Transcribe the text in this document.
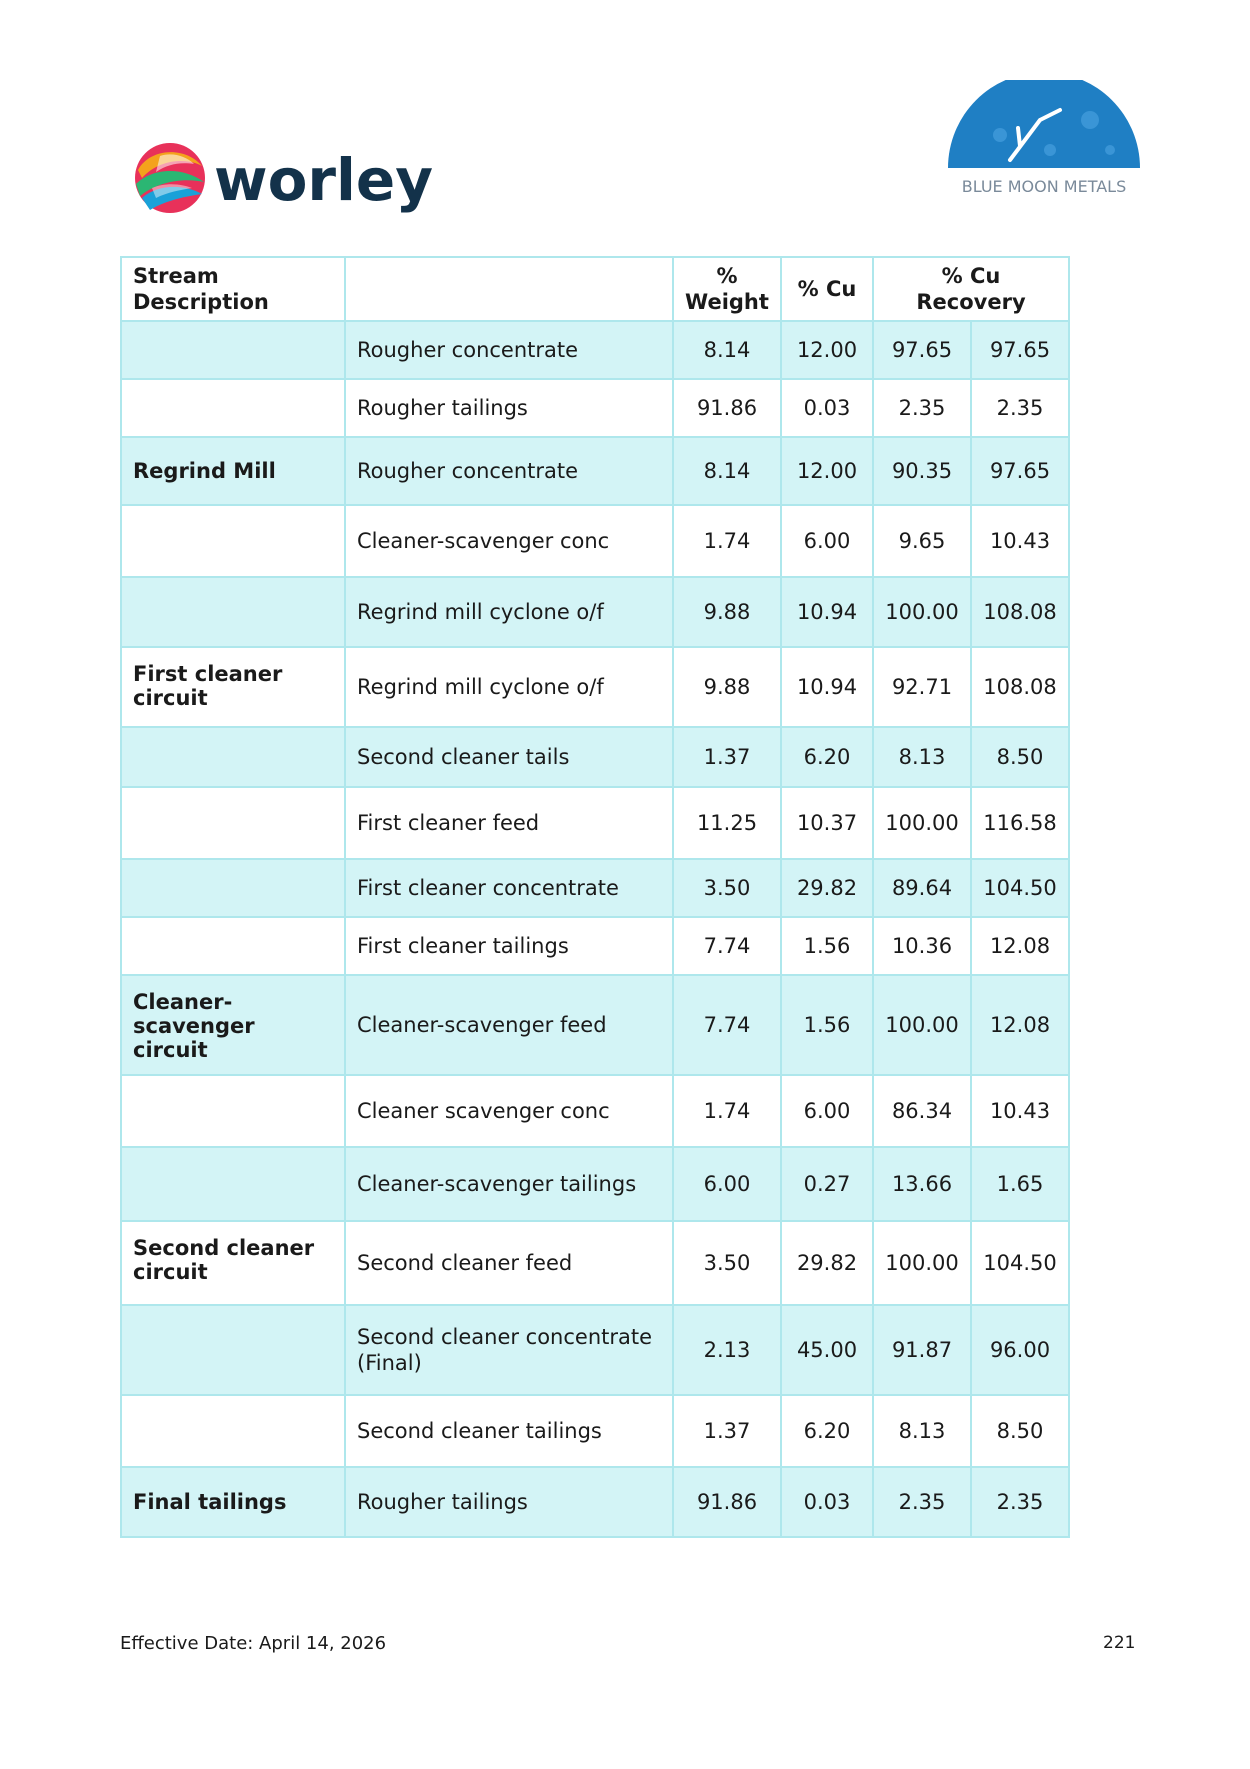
worley	BLUE MOON METALS
Stream Description		% Weight	% Cu	% Cu Recovery	
	Rougher concentrate	8.14	12.00	97.65	97.65
	Rougher tailings	91.86	0.03	2.35	2.35
Regrind Mill	Rougher concentrate	8.14	12.00	90.35	97.65
	Cleaner-scavenger conc	1.74	6.00	9.65	10.43
	Regrind mill cyclone o/f	9.88	10.94	100.00	108.08
First cleaner circuit	Regrind mill cyclone o/f	9.88	10.94	92.71	108.08
	Second cleaner tails	1.37	6.20	8.13	8.50
	First cleaner feed	11.25	10.37	100.00	116.58
	First cleaner concentrate	3.50	29.82	89.64	104.50
	First cleaner tailings	7.74	1.56	10.36	12.08
Cleaner-scavenger circuit	Cleaner-scavenger feed	7.74	1.56	100.00	12.08
	Cleaner scavenger conc	1.74	6.00	86.34	10.43
	Cleaner-scavenger tailings	6.00	0.27	13.66	1.65
Second cleaner circuit	Second cleaner feed	3.50	29.82	100.00	104.50
	Second cleaner concentrate (Final)	2.13	45.00	91.87	96.00
	Second cleaner tailings	1.37	6.20	8.13	8.50
Final tailings	Rougher tailings	91.86	0.03	2.35	2.35
Effective Date: April 14, 2026	221
